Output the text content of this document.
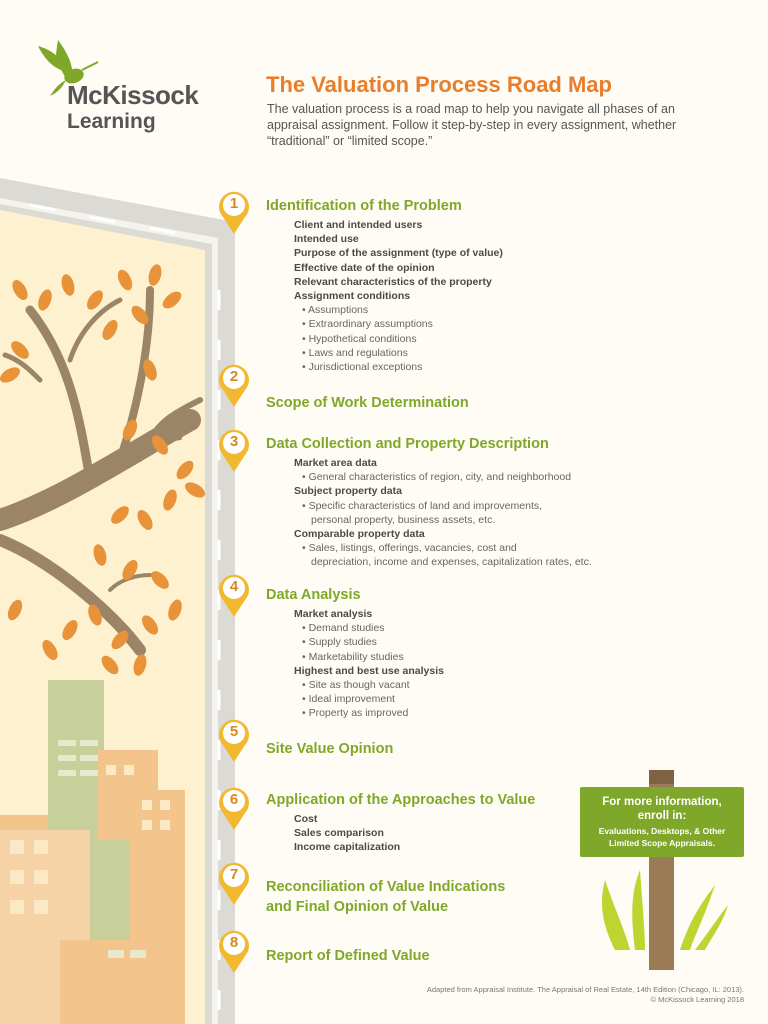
McKissock
Learning
The Valuation Process Road Map
The valuation process is a road map to help you navigate all phases of an appraisal assignment. Follow it step-by-step in every assignment, whether “traditional” or “limited scope.”
1
2
3
4
5
6
7
8
Identification of the Problem
Client and intended users
Intended use
Purpose of the assignment (type of value)
Effective date of the opinion
Relevant characteristics of the property
Assignment conditions
• Assumptions
• Extraordinary assumptions
• Hypothetical conditions
• Laws and regulations
• Jurisdictional exceptions
Scope of Work Determination
Data Collection and Property Description
Market area data
• General characteristics of region, city, and neighborhood
Subject property data
• Specific characteristics of land and improvements,
personal property, business assets, etc.
Comparable property data
• Sales, listings, offerings, vacancies, cost and
depreciation, income and expenses, capitalization rates, etc.
Data Analysis
Market analysis
• Demand studies
• Supply studies
• Marketability studies
Highest and best use analysis
• Site as though vacant
• Ideal improvement
• Property as improved
Site Value Opinion
Application of the Approaches to Value
Cost
Sales comparison
Income capitalization
Reconciliation of Value Indications
and Final Opinion of Value
Report of Defined Value
For more information,
enroll in:
Evaluations, Desktops, & Other
Limited Scope Appraisals.
Adapted from Appraisal Institute. The Appraisal of Real Estate, 14th Edition (Chicago, IL: 2013).
© McKissock Learning 2018
